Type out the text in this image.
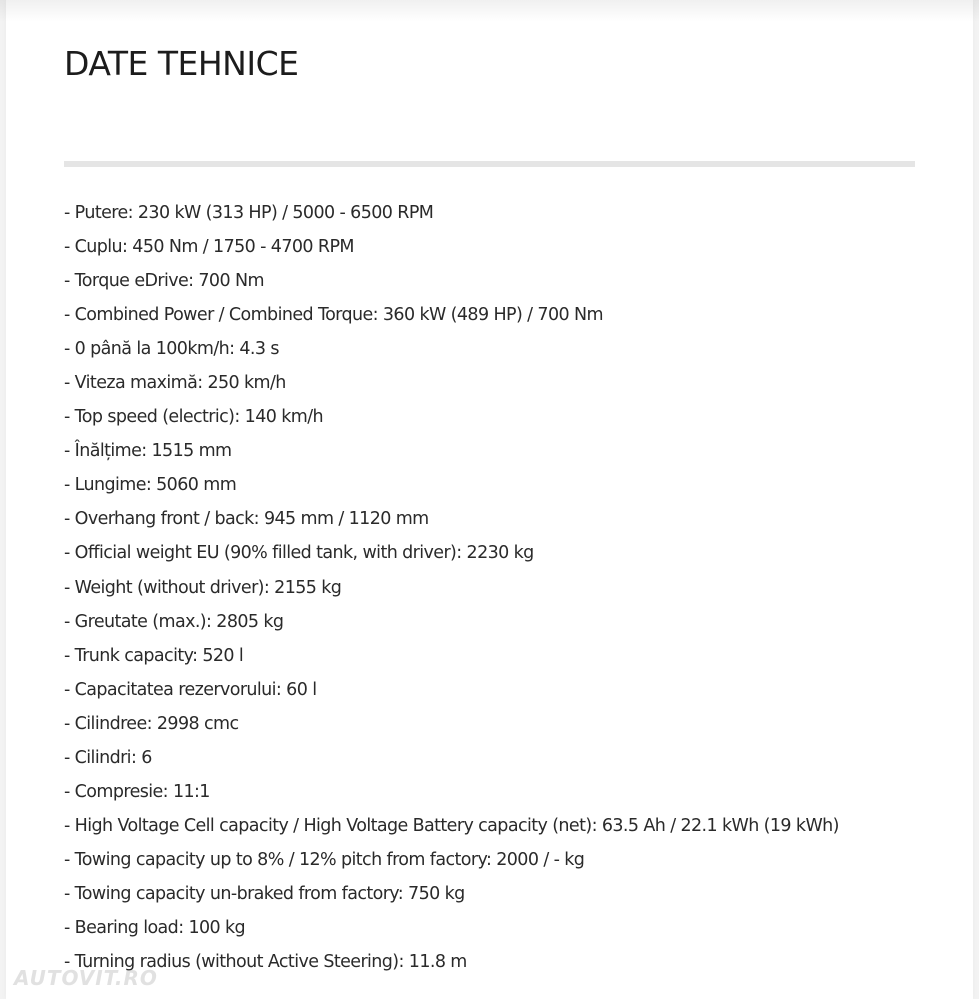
DATE TEHNICE
- Putere: 230 kW (313 HP) / 5000 - 6500 RPM
- Cuplu: 450 Nm / 1750 - 4700 RPM
- Torque eDrive: 700 Nm
- Combined Power / Combined Torque: 360 kW (489 HP) / 700 Nm
- 0 până la 100km/h: 4.3 s
- Viteza maximă: 250 km/h
- Top speed (electric): 140 km/h
- Înălțime: 1515 mm
- Lungime: 5060 mm
- Overhang front / back: 945 mm / 1120 mm
- Official weight EU (90% filled tank, with driver): 2230 kg
- Weight (without driver): 2155 kg
- Greutate (max.): 2805 kg
- Trunk capacity: 520 l
- Capacitatea rezervorului: 60 l
- Cilindree: 2998 cmc
- Cilindri: 6
- Compresie: 11:1
- High Voltage Cell capacity / High Voltage Battery capacity (net): 63.5 Ah / 22.1 kWh (19 kWh)
- Towing capacity up to 8% / 12% pitch from factory: 2000 / - kg
- Towing capacity un-braked from factory: 750 kg
- Bearing load: 100 kg
- Turning radius (without Active Steering): 11.8 m
AUTOVIT.RO
